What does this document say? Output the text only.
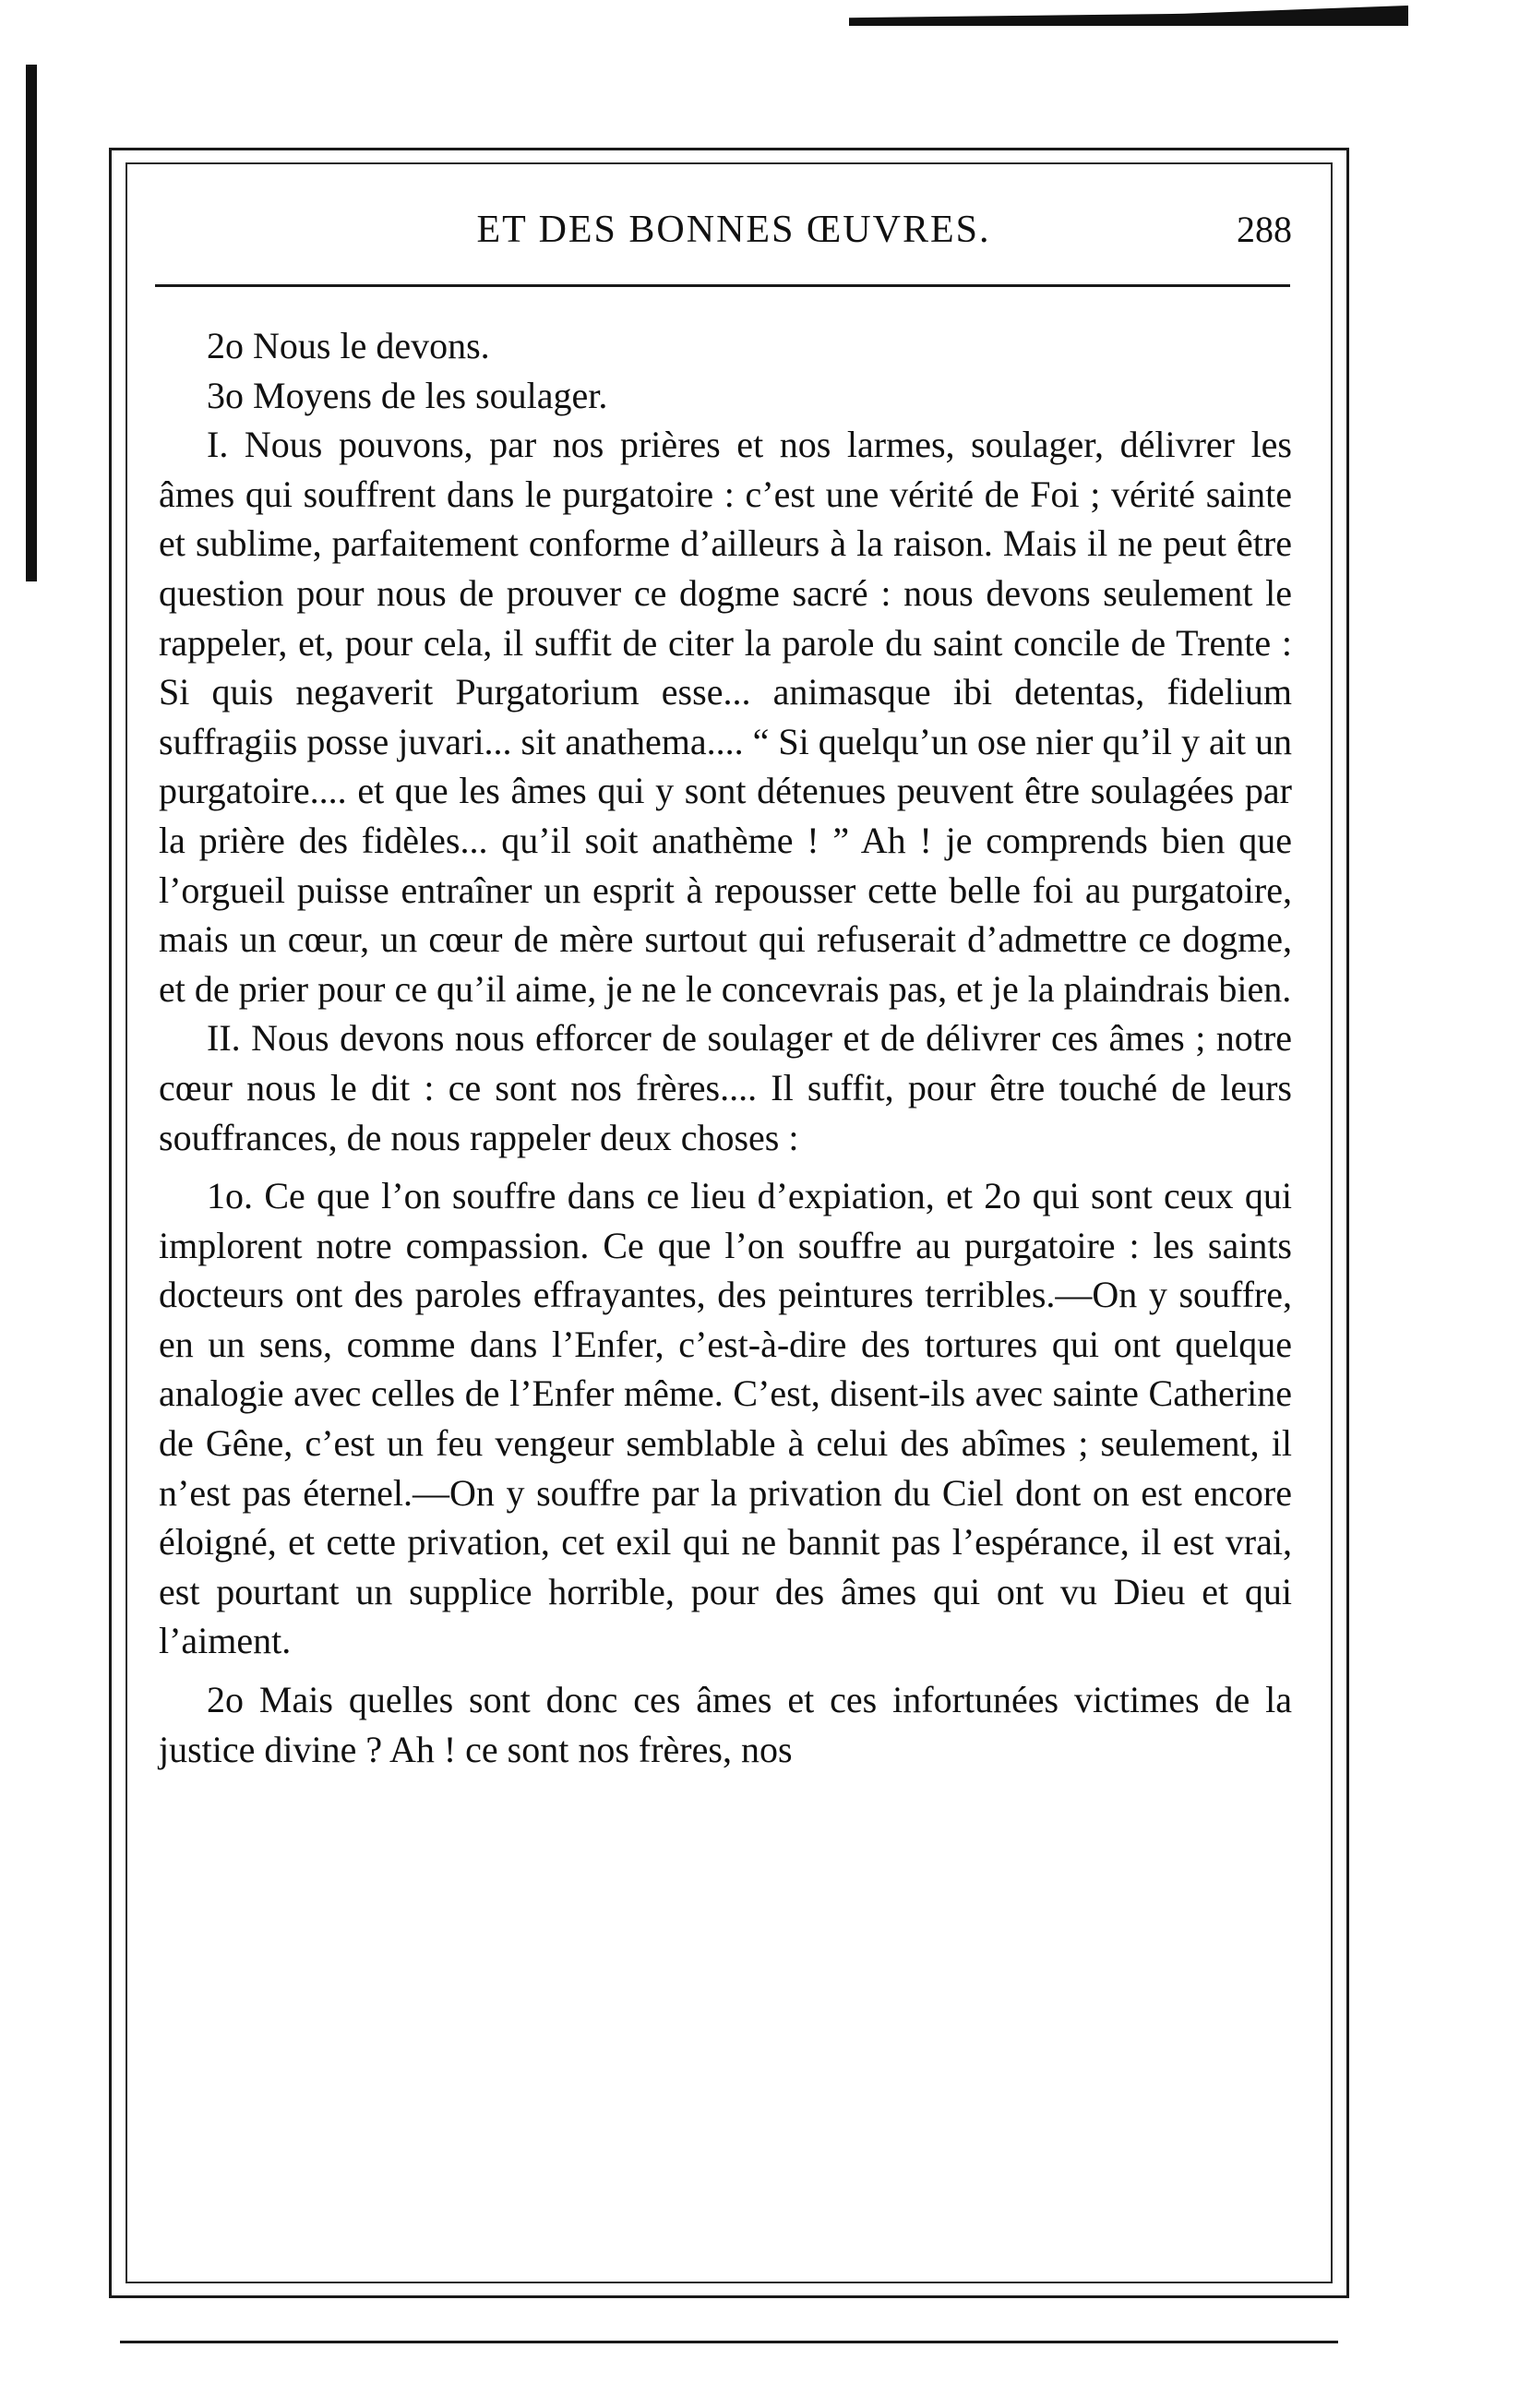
ET DES BONNES ŒUVRES.	288

2o Nous le devons.

3o Moyens de les soulager.

I. Nous pouvons, par nos prières et nos larmes, soulager, délivrer les âmes qui souffrent dans le purgatoire : c’est une vérité de Foi ; vérité sainte et sublime, parfaitement conforme d’ailleurs à la raison. Mais il ne peut être question pour nous de prouver ce dogme sacré : nous devons seulement le rappeler, et, pour cela, il suffit de citer la parole du saint concile de Trente : Si quis negaverit Purgatorium esse... animasque ibi detentas, fidelium suffragiis posse juvari... sit anathema.... “ Si quelqu’un ose nier qu’il y ait un purgatoire.... et que les âmes qui y sont détenues peuvent être soulagées par la prière des fidèles... qu’il soit anathème ! ” Ah ! je comprends bien que l’orgueil puisse entraîner un esprit à repousser cette belle foi au purgatoire, mais un cœur, un cœur de mère surtout qui refuserait d’admettre ce dogme, et de prier pour ce qu’il aime, je ne le concevrais pas, et je la plaindrais bien.

II. Nous devons nous efforcer de soulager et de délivrer ces âmes ; notre cœur nous le dit : ce sont nos frères.... Il suffit, pour être touché de leurs souffrances, de nous rappeler deux choses :

1o. Ce que l’on souffre dans ce lieu d’expiation, et 2o qui sont ceux qui implorent notre compassion. Ce que l’on souffre au purgatoire : les saints docteurs ont des paroles effrayantes, des peintures terribles.—On y souffre, en un sens, comme dans l’Enfer, c’est-à-dire des tortures qui ont quelque analogie avec celles de l’Enfer même. C’est, disent-ils avec sainte Catherine de Gêne, c’est un feu vengeur semblable à celui des abîmes ; seulement, il n’est pas éternel.—On y souffre par la privation du Ciel dont on est encore éloigné, et cette privation, cet exil qui ne bannit pas l’espérance, il est vrai, est pourtant un supplice horrible, pour des âmes qui ont vu Dieu et qui l’aiment.

2o Mais quelles sont donc ces âmes et ces infortunées victimes de la justice divine ? Ah ! ce sont nos frères, nos
